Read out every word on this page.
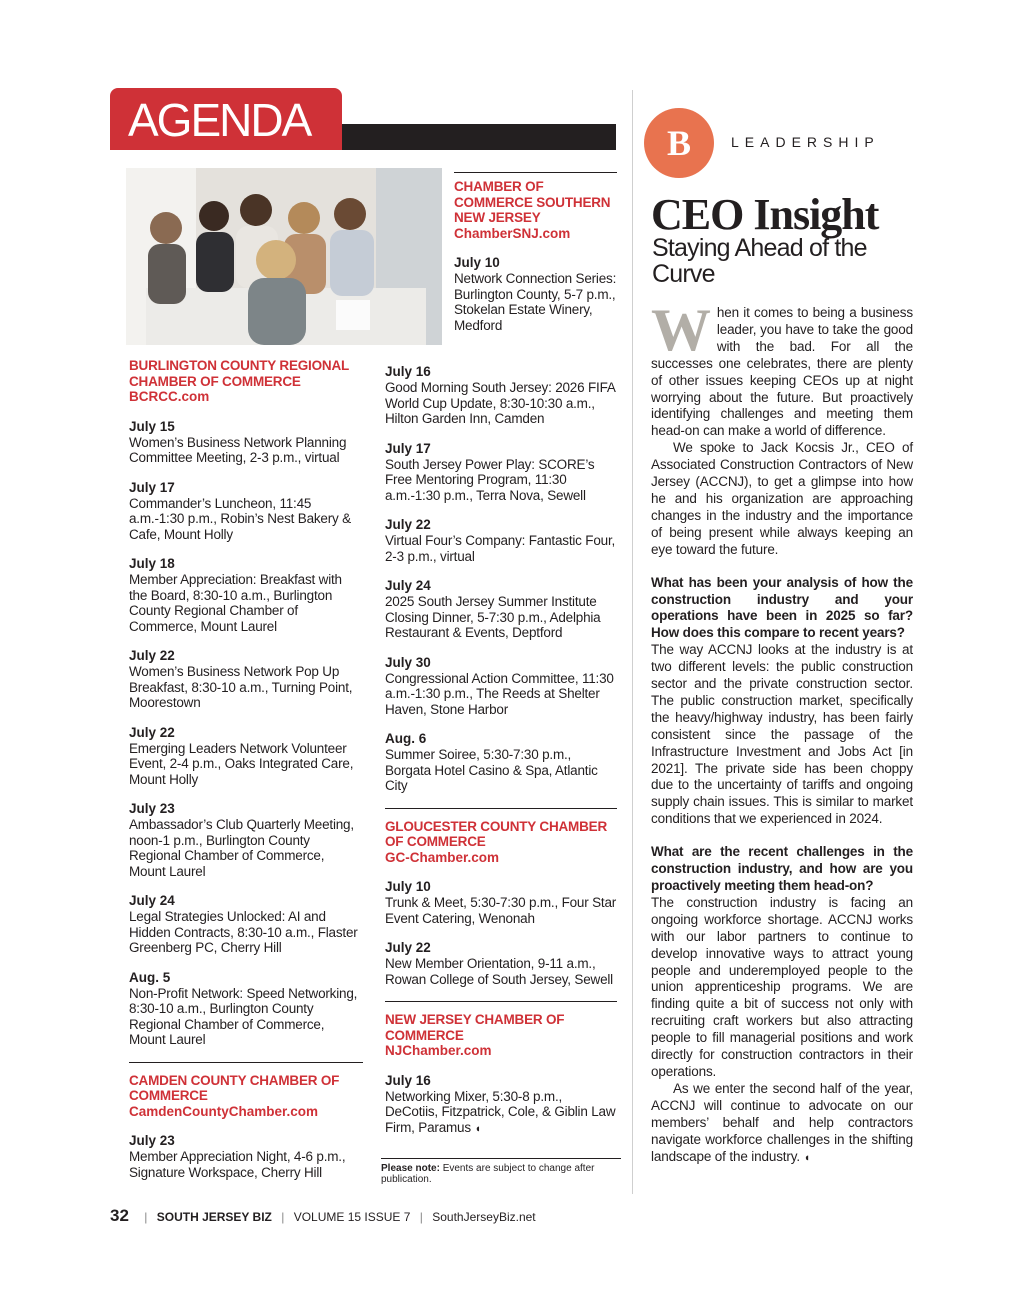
AGENDA
BURLINGTON COUNTY REGIONAL CHAMBER OF COMMERCE
BCRCC.com
July 15
Women’s Business Network Planning Committee Meeting, 2-3 p.m., virtual
July 17
Commander’s Luncheon, 11:45 a.m.-1:30 p.m., Robin’s Nest Bakery & Cafe, Mount Holly
July 18
Member Appreciation: Breakfast with the Board, 8:30-10 a.m., Burlington County Regional Chamber of Commerce, Mount Laurel
July 22
Women’s Business Network Pop Up Breakfast, 8:30-10 a.m., Turning Point, Moorestown
July 22
Emerging Leaders Network Volunteer Event, 2-4 p.m., Oaks Integrated Care, Mount Holly
July 23
Ambassador’s Club Quarterly Meeting, noon-1 p.m., Burlington County Regional Chamber of Commerce, Mount Laurel
July 24
Legal Strategies Unlocked: AI and Hidden Contracts, 8:30-10 a.m., Flaster Greenberg PC, Cherry Hill
Aug. 5
Non-Profit Network: Speed Networking, 8:30-10 a.m., Burlington County Regional Chamber of Commerce, Mount Laurel
CAMDEN COUNTY CHAMBER OF COMMERCE
CamdenCountyChamber.com
July 23
Member Appreciation Night, 4-6 p.m., Signature Workspace, Cherry Hill
CHAMBER OF COMMERCE SOUTHERN NEW JERSEY
ChamberSNJ.com
July 10
Network Connection Series: Burlington County, 5-7 p.m., Stokelan Estate Winery, Medford
July 16
Good Morning South Jersey: 2026 FIFA World Cup Update, 8:30-10:30 a.m., Hilton Garden Inn, Camden
July 17
South Jersey Power Play: SCORE’s Free Mentoring Program, 11:30 a.m.-1:30 p.m., Terra Nova, Sewell
July 22
Virtual Four’s Company: Fantastic Four, 2-3 p.m., virtual
July 24
2025 South Jersey Summer Institute Closing Dinner, 5-7:30 p.m., Adelphia Restaurant & Events, Deptford
July 30
Congressional Action Committee, 11:30 a.m.-1:30 p.m., The Reeds at Shelter Haven, Stone Harbor
Aug. 6
Summer Soiree, 5:30-7:30 p.m., Borgata Hotel Casino & Spa, Atlantic City
GLOUCESTER COUNTY CHAMBER OF COMMERCE
GC-Chamber.com
July 10
Trunk & Meet, 5:30-7:30 p.m., Four Star Event Catering, Wenonah
July 22
New Member Orientation, 9-11 a.m., Rowan College of South Jersey, Sewell
NEW JERSEY CHAMBER OF COMMERCE
NJChamber.com
July 16
Networking Mixer, 5:30-8 p.m., DeCotiis, Fitzpatrick, Cole, & Giblin Law Firm, Paramus ◖
Please note: Events are subject to change after publication.
B	LEADERSHIP
CEO Insight
Staying Ahead of the Curve

When it comes to being a business leader, you have to take the good with the bad. For all the successes one celebrates, there are plenty of other issues keeping CEOs up at night worrying about the future. But proactively identifying challenges and meeting them head-on can make a world of difference.

We spoke to Jack Kocsis Jr., CEO of Associated Construction Contractors of New Jersey (ACCNJ), to get a glimpse into how he and his organization are approaching changes in the industry and the importance of being present while always keeping an eye toward the future.

What has been your analysis of how the construction industry and your operations have been in 2025 so far? How does this compare to recent years?

The way ACCNJ looks at the industry is at two different levels: the public construction sector and the private construction sector. The public construction market, specifically the heavy/highway industry, has been fairly consistent since the passage of the Infrastructure Investment and Jobs Act [in 2021]. The private side has been choppy due to the uncertainty of tariffs and ongoing supply chain issues. This is similar to market conditions that we experienced in 2024.

What are the recent challenges in the construction industry, and how are you proactively meeting them head-on?

The construction industry is facing an ongoing workforce shortage. ACCNJ works with our labor partners to continue to develop innovative ways to attract young people and underemployed people to the union apprenticeship programs. We are finding quite a bit of success not only with recruiting craft workers but also attracting people to fill managerial positions and work directly for construction contractors in their operations.

As we enter the second half of the year, ACCNJ will continue to advocate on our members’ behalf and help contractors navigate workforce challenges in the shifting landscape of the industry. ◖

32 | SOUTH JERSEY BIZ | VOLUME 15 ISSUE 7 | SouthJerseyBiz.net
